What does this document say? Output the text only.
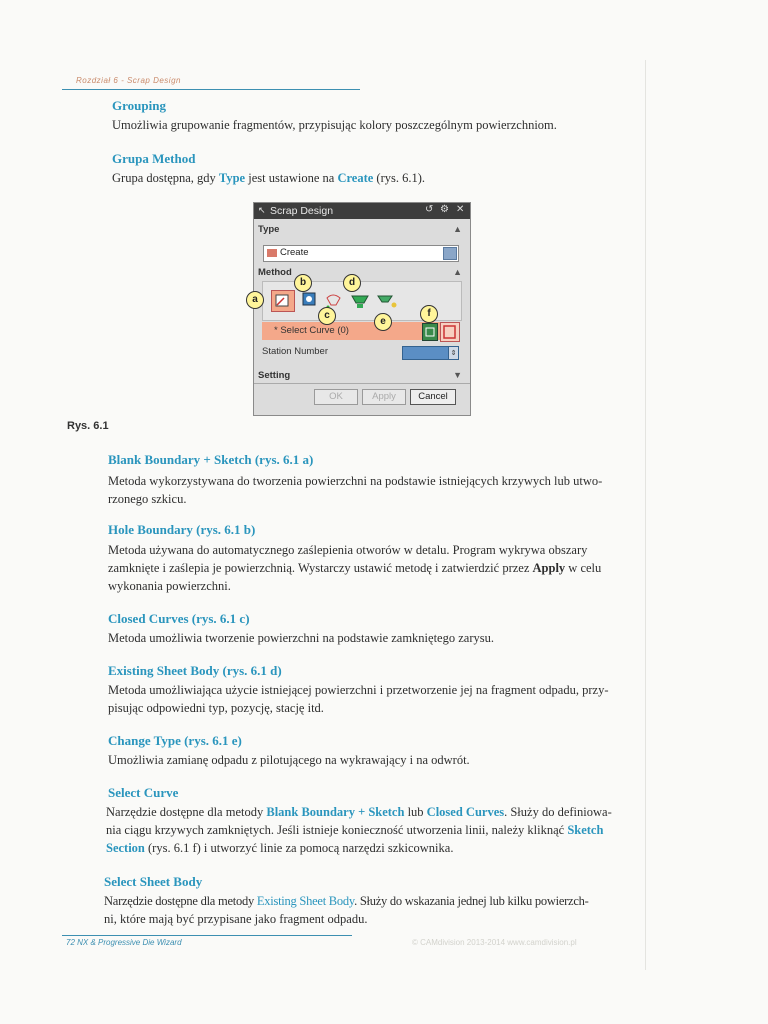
Rozdział 6 - Scrap Design
Grouping
Umożliwia grupowanie fragmentów, przypisując kolory poszczególnym powierzchniom.
Grupa Method
Grupa dostępna, gdy Type jest ustawione na Create (rys. 6.1).
↖ Scrap Design	↺ ⚙ ✕
Type	▲
Create
Method	▲
* Select Curve (0)
Station Number	⇕
Setting	▼
OK	Apply	Cancel
a
b
c
d
e
f
Rys. 6.1
Blank Boundary + Sketch (rys. 6.1 a)
Metoda wykorzystywana do tworzenia powierzchni na podstawie istniejących krzywych lub utwo-
rzonego szkicu.
Hole Boundary (rys. 6.1 b)
Metoda używana do automatycznego zaślepienia otworów w detalu. Program wykrywa obszary
zamknięte i zaślepia je powierzchnią. Wystarczy ustawić metodę i zatwierdzić przez Apply w celu
wykonania powierzchni.
Closed Curves (rys. 6.1 c)
Metoda umożliwia tworzenie powierzchni na podstawie zamkniętego zarysu.
Existing Sheet Body (rys. 6.1 d)
Metoda umożliwiająca użycie istniejącej powierzchni i przetworzenie jej na fragment odpadu, przy-
pisując odpowiedni typ, pozycję, stację itd.
Change Type (rys. 6.1 e)
Umożliwia zamianę odpadu z pilotującego na wykrawający i na odwrót.
Select Curve
Narzędzie dostępne dla metody Blank Boundary + Sketch lub Closed Curves. Służy do definiowa-
nia ciągu krzywych zamkniętych. Jeśli istnieje konieczność utworzenia linii, należy kliknąć Sketch
Section (rys. 6.1 f) i utworzyć linie za pomocą narzędzi szkicownika.
Select Sheet Body
Narzędzie dostępne dla metody Existing Sheet Body. Służy do wskazania jednej lub kilku powierzch-
ni, które mają być przypisane jako fragment odpadu.
72 NX & Progressive Die Wizard	© CAMdivision 2013-2014 www.camdivision.pl
